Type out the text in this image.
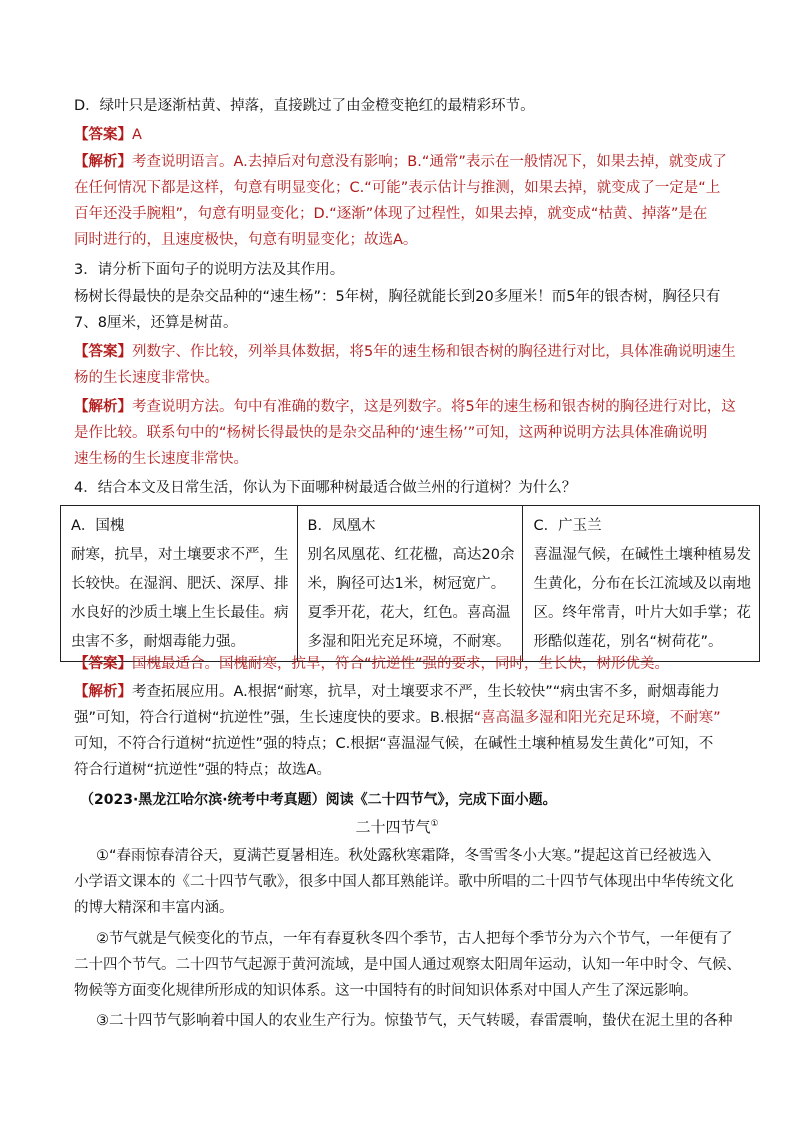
D．绿叶只是逐渐枯黄、掉落，直接跳过了由金橙变艳红的最精彩环节。
【答案】A
【解析】考查说明语言。A.去掉后对句意没有影响；B.“通常”表示在一般情况下，如果去掉，就变成了
在任何情况下都是这样，句意有明显变化；C.“可能”表示估计与推测，如果去掉，就变成了一定是“上
百年还没手腕粗”，句意有明显变化；D.“逐渐”体现了过程性，如果去掉，就变成“枯黄、掉落”是在
同时进行的，且速度极快，句意有明显变化；故选A。
3．请分析下面句子的说明方法及其作用。
杨树长得最快的是杂交品种的“速生杨”：5年树，胸径就能长到20多厘米！而5年的银杏树，胸径只有
7、8厘米，还算是树苗。
【答案】列数字、作比较，列举具体数据，将5年的速生杨和银杏树的胸径进行对比，具体准确说明速生
杨的生长速度非常快。
【解析】考查说明方法。句中有准确的数字，这是列数字。将5年的速生杨和银杏树的胸径进行对比，这
是作比较。联系句中的“杨树长得最快的是杂交品种的‘速生杨’”可知，这两种说明方法具体准确说明
速生杨的生长速度非常快。
4．结合本文及日常生活，你认为下面哪种树最适合做兰州的行道树？为什么？
A．国槐
耐寒，抗旱，对土壤要求不严，生
长较快。在湿润、肥沃、深厚、排
水良好的沙质土壤上生长最佳。病
虫害不多，耐烟毒能力强。

B．凤凰木
别名凤凰花、红花楹，高达20余
米，胸径可达1米，树冠宽广。
夏季开花，花大，红色。喜高温
多湿和阳光充足环境，不耐寒。

C．广玉兰
喜温湿气候，在碱性土壤种植易发
生黄化，分布在长江流域及以南地
区。终年常青，叶片大如手掌；花
形酷似莲花，别名“树荷花”。
【答案】国槐最适合。国槐耐寒，抗旱，符合“抗逆性”强的要求，同时，生长快，树形优美。
【解析】考查拓展应用。A.根据“耐寒，抗旱，对土壤要求不严，生长较快”“病虫害不多，耐烟毒能力
强”可知，符合行道树“抗逆性”强，生长速度快的要求。B.根据“喜高温多湿和阳光充足环境，不耐寒”
可知，不符合行道树“抗逆性”强的特点；C.根据“喜温湿气候，在碱性土壤种植易发生黄化”可知，不
符合行道树“抗逆性”强的特点；故选A。
（2023·黑龙江哈尔滨·统考中考真题）阅读《二十四节气》，完成下面小题。
二十四节气①
①“春雨惊春清谷天，夏满芒夏暑相连。秋处露秋寒霜降，冬雪雪冬小大寒。”提起这首已经被选入
小学语文课本的《二十四节气歌》，很多中国人都耳熟能详。歌中所唱的二十四节气体现出中华传统文化
的博大精深和丰富内涵。
②节气就是气候变化的节点，一年有春夏秋冬四个季节，古人把每个季节分为六个节气，一年便有了
二十四个节气。二十四节气起源于黄河流域，是中国人通过观察太阳周年运动，认知一年中时令、气候、
物候等方面变化规律所形成的知识体系。这一中国特有的时间知识体系对中国人产生了深远影响。
③二十四节气影响着中国人的农业生产行为。惊蛰节气，天气转暖，春雷震响，蛰伏在泥土里的各种
